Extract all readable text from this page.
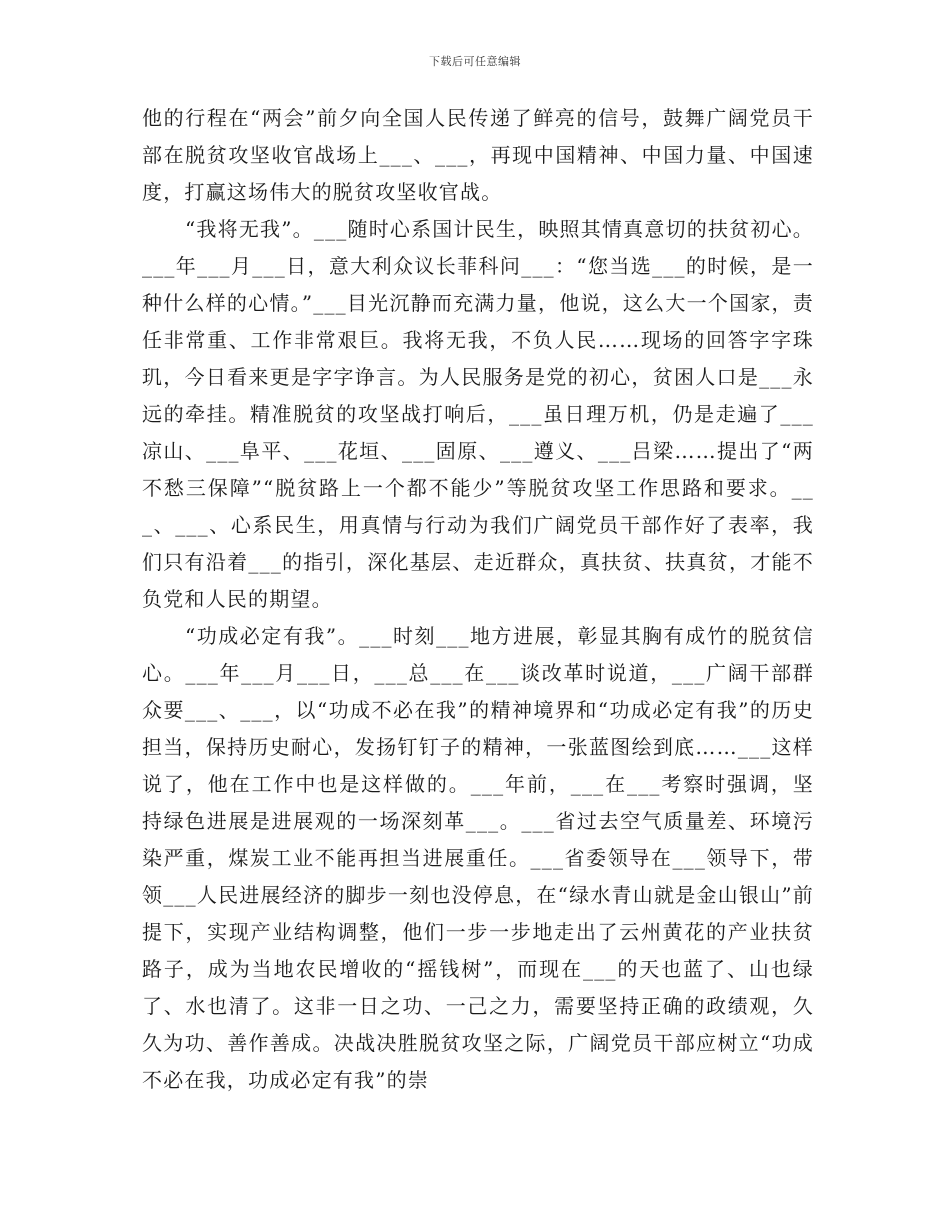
下载后可任意编辑

他的行程在“两会”前夕向全国人民传递了鲜亮的信号，鼓舞广阔党员干部在脱贫攻坚收官战场上___、___，再现中国精神、中国力量、中国速度，打赢这场伟大的脱贫攻坚收官战。

“我将无我”。___随时心系国计民生，映照其情真意切的扶贫初心。___年___月___日，意大利众议长菲科问___：“您当选___的时候，是一种什么样的心情。”___目光沉静而充满力量，他说，这么大一个国家，责任非常重、工作非常艰巨。我将无我，不负人民……现场的回答字字珠玑，今日看来更是字字诤言。为人民服务是党的初心，贫困人口是___永远的牵挂。精准脱贫的攻坚战打响后，___虽日理万机，仍是走遍了___凉山、___阜平、___花垣、___固原、___遵义、___吕梁……提出了“两不愁三保障”“脱贫路上一个都不能少”等脱贫攻坚工作思路和要求。___、___、心系民生，用真情与行动为我们广阔党员干部作好了表率，我们只有沿着___的指引，深化基层、走近群众，真扶贫、扶真贫，才能不负党和人民的期望。

“功成必定有我”。___时刻___地方进展，彰显其胸有成竹的脱贫信心。___年___月___日，___总___在___谈改革时说道，___广阔干部群众要___、___，以“功成不必在我”的精神境界和“功成必定有我”的历史担当，保持历史耐心，发扬钉钉子的精神，一张蓝图绘到底……___这样说了，他在工作中也是这样做的。___年前，___在___考察时强调，坚持绿色进展是进展观的一场深刻革___。___省过去空气质量差、环境污染严重，煤炭工业不能再担当进展重任。___省委领导在___领导下，带领___人民进展经济的脚步一刻也没停息，在“绿水青山就是金山银山”前提下，实现产业结构调整，他们一步一步地走出了云州黄花的产业扶贫路子，成为当地农民增收的“摇钱树”，而现在___的天也蓝了、山也绿了、水也清了。这非一日之功、一己之力，需要坚持正确的政绩观，久久为功、善作善成。决战决胜脱贫攻坚之际，广阔党员干部应树立“功成不必在我，功成必定有我”的崇
